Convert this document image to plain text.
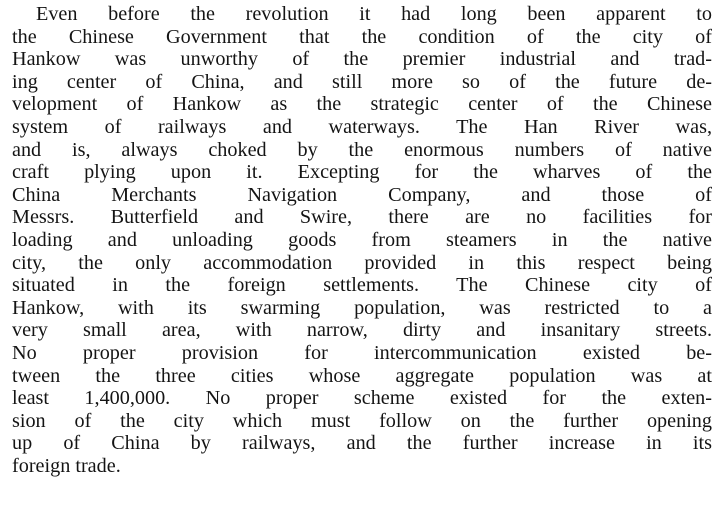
Even before the revolution it had long been apparent to
the Chinese Government that the condition of the city of
Hankow was unworthy of the premier industrial and trad-
ing center of China, and still more so of the future de-
velopment of Hankow as the strategic center of the Chinese
system of railways and waterways. The Han River was,
and is, always choked by the enormous numbers of native
craft plying upon it. Excepting for the wharves of the
China Merchants Navigation Company, and those of
Messrs. Butterfield and Swire, there are no facilities for
loading and unloading goods from steamers in the native
city, the only accommodation provided in this respect being
situated in the foreign settlements. The Chinese city of
Hankow, with its swarming population, was restricted to a
very small area, with narrow, dirty and insanitary streets.
No proper provision for intercommunication existed be-
tween the three cities whose aggregate population was at
least 1,400,000. No proper scheme existed for the exten-
sion of the city which must follow on the further opening
up of China by railways, and the further increase in its
foreign trade.
